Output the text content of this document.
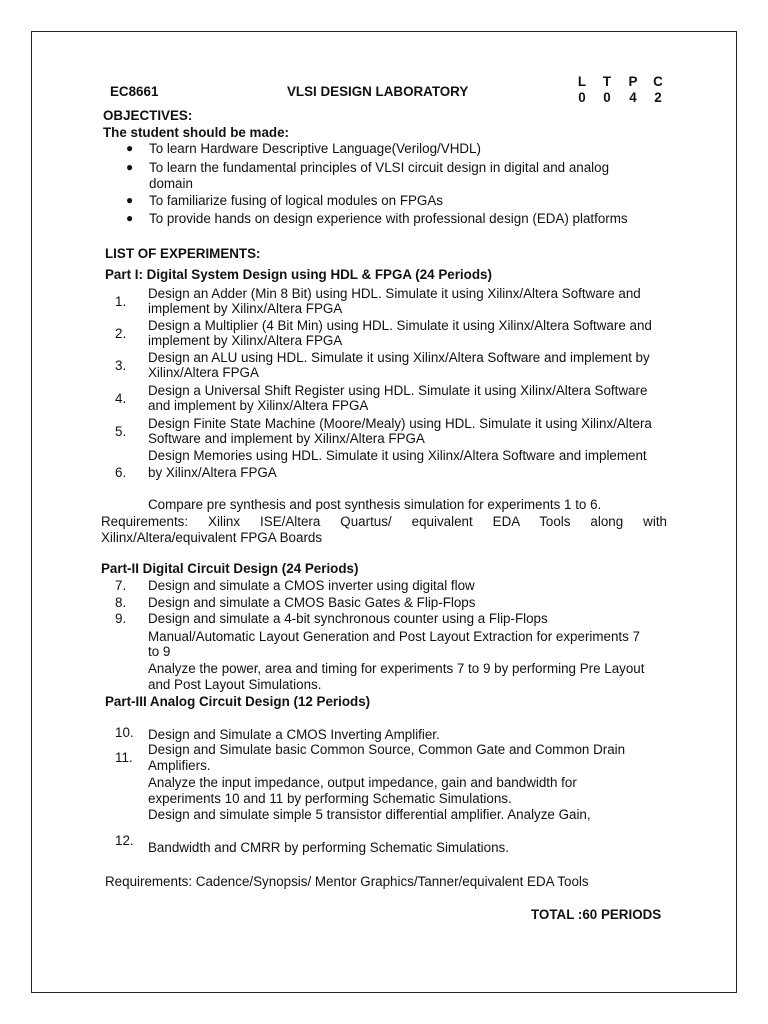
EC8661	VLSI DESIGN LABORATORY
L T P C
0 0 4 2
OBJECTIVES:
The student should be made:
● To learn Hardware Descriptive Language(Verilog/VHDL)
● To learn the fundamental principles of VLSI circuit design in digital and analog
domain
● To familiarize fusing of logical modules on FPGAs
● To provide hands on design experience with professional design (EDA) platforms
LIST OF EXPERIMENTS:
Part I: Digital System Design using HDL & FPGA (24 Periods)
1.
Design an Adder (Min 8 Bit) using HDL. Simulate it using Xilinx/Altera Software and
implement by Xilinx/Altera FPGA
2.
Design a Multiplier (4 Bit Min) using HDL. Simulate it using Xilinx/Altera Software and
implement by Xilinx/Altera FPGA
3.
Design an ALU using HDL. Simulate it using Xilinx/Altera Software and implement by
Xilinx/Altera FPGA
4.
Design a Universal Shift Register using HDL. Simulate it using Xilinx/Altera Software
and implement by Xilinx/Altera FPGA
5.
Design Finite State Machine (Moore/Mealy) using HDL. Simulate it using Xilinx/Altera
Software and implement by Xilinx/Altera FPGA
6.
Design Memories using HDL. Simulate it using Xilinx/Altera Software and implement
by Xilinx/Altera FPGA
Compare pre synthesis and post synthesis simulation for experiments 1 to 6.
Requirements: Xilinx ISE/Altera Quartus/ equivalent EDA Tools along with
Xilinx/Altera/equivalent FPGA Boards
Part-II Digital Circuit Design (24 Periods)
7.	Design and simulate a CMOS inverter using digital flow
8.	Design and simulate a CMOS Basic Gates & Flip-Flops
9.	Design and simulate a 4-bit synchronous counter using a Flip-Flops
Manual/Automatic Layout Generation and Post Layout Extraction for experiments 7
to 9
Analyze the power, area and timing for experiments 7 to 9 by performing Pre Layout
and Post Layout Simulations.
Part-III Analog Circuit Design (12 Periods)
10. Design and Simulate a CMOS Inverting Amplifier.
11.
Design and Simulate basic Common Source, Common Gate and Common Drain
Amplifiers.
Analyze the input impedance, output impedance, gain and bandwidth for
experiments 10 and 11 by performing Schematic Simulations.
Design and simulate simple 5 transistor differential amplifier. Analyze Gain,
12. Bandwidth and CMRR by performing Schematic Simulations.
Requirements: Cadence/Synopsis/ Mentor Graphics/Tanner/equivalent EDA Tools
TOTAL :60 PERIODS
